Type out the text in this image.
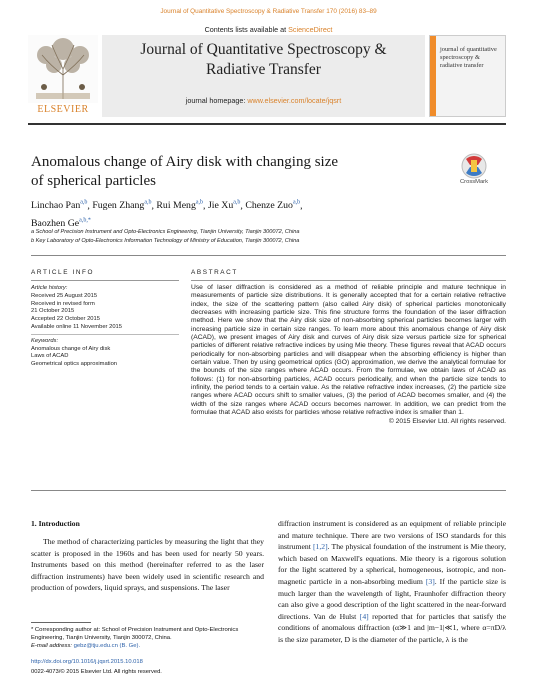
Journal of Quantitative Spectroscopy & Radiative Transfer 170 (2016) 83–89
Contents lists available at ScienceDirect
Journal of Quantitative Spectroscopy &
Radiative Transfer
journal homepage: www.elsevier.com/locate/jqsrt
ELSEVIER
journal of quantitative spectroscopy & radiative transfer
Anomalous change of Airy disk with changing size
of spherical particles	CrossMark
Linchao Pan$^{a,b}$, Fugen Zhang$^{a,b}$, Rui Meng$^{a,b}$, Jie Xu$^{a,b}$, Chenze Zuo$^{a,b}$,
Baozhen $Ge^{a,b,*}$
a School of Precision Instrument and Opto-Electronics Engineering, Tianjin University, Tianjin 300072, China
b Key Laboratory of Opto-Electronics Information Technology of Ministry of Education, Tianjin 300072, China
ARTICLE INFO	ABSTRACT
Article history:
Received 25 August 2015
Received in revised form
21 October 2015
Accepted 22 October 2015
Available online 11 November 2015
Keywords:
Anomalous change of Airy disk
Laws of ACAD
Geometrical optics approximation
Use of laser diffraction is considered as a method of reliable principle and mature technique in measurements of particle size distributions. It is generally accepted that for a certain relative refractive index, the size of the scattering pattern (also called Airy disk) of spherical particles monotonically decreases with increasing particle size. This fine structure forms the foundation of the laser diffraction method. Here we show that the Airy disk size of non-absorbing spherical particles becomes larger with increasing particle size in certain size ranges. To learn more about this anomalous change of Airy disk (ACAD), we present images of Airy disk and curves of Airy disk size versus particle size for spherical particles of different relative refractive indices by using Mie theory. These figures reveal that ACAD occurs periodically for non-absorbing particles and will disappear when the absorbing efficiency is higher than certain value. Then by using geometrical optics (GO) approximation, we derive the analytical formulae for the bounds of the size ranges where ACAD occurs. From the formulae, we obtain laws of ACAD as follows: (1) for non-absorbing particles, ACAD occurs periodically, and when the particle size tends to infinity, the period tends to a certain value. As the relative refractive index increases, (2) the particle size ranges where ACAD occurs shift to smaller values, (3) the period of ACAD becomes smaller, and (4) the width of the size ranges where ACAD occurs becomes narrower. In addition, we can predict from the formulae that ACAD also exists for particles whose relative refractive index is smaller than 1.
© 2015 Elsevier Ltd. All rights reserved.
1. Introduction
The method of characterizing particles by measuring the light that they scatter is proposed in the 1960s and has been used for nearly 50 years. Instruments based on this method (hereinafter referred to as the laser diffraction instruments) have been widely used in scientific research and production of powders, liquid sprays, and suspensions. The laser
diffraction instrument is considered as an equipment of reliable principle and mature technique. There are two versions of ISO standards for this instrument [1,2]. The physical foundation of the instrument is Mie theory, which based on Maxwell's equations. Mie theory is a rigorous solution for the light scattered by a spherical, homogeneous, isotropic, and non-magnetic particle in a non-absorbing medium [3]. If the particle size is much larger than the wavelength of light, Fraunhofer diffraction theory can also give a good description of the light scattered in the near-forward directions. Van de Hulst [4] reported that for particles that satisfy the conditions of anomalous diffraction (α≫1 and |m−1|≪1, where α=πD/λ is the size parameter, D is the diameter of the particle, λ is the
* Corresponding author at: School of Precision Instrument and Opto-Electronics Engineering, Tianjin University, Tianjin 300072, China.
E-mail address: gebz@tju.edu.cn (B. Ge).
http://dx.doi.org/10.1016/j.jqsrt.2015.10.018
0022-4073/© 2015 Elsevier Ltd. All rights reserved.
